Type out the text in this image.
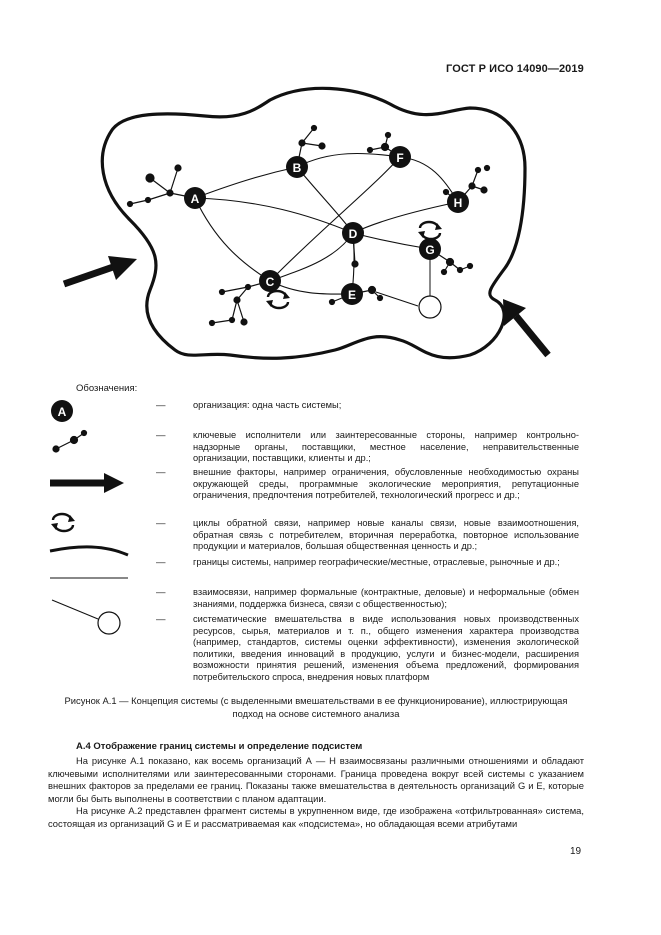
ГОСТ Р ИСО 14090—2019
A
B
F
H
D
G
C
E
Обозначения:
A	—	организация: одна часть системы;
—	ключевые исполнители или заинтересованные стороны, например контрольно-надзорные органы, поставщики, местное население, неправительственные организации, поставщики, клиенты и др.;
—	внешние факторы, например ограничения, обусловленные необходимостью охраны окружающей среды, программные экологические мероприятия, репутационные ограничения, предпочтения потребителей, технологический прогресс и др.;
—	циклы обратной связи, например новые каналы связи, новые взаимоотношения, обратная связь с потребителем, вторичная переработка, повторное использование продукции и материалов, большая общественная ценность и др.;
—	границы системы, например географические/местные, отраслевые, рыночные и др.;
—	взаимосвязи, например формальные (контрактные, деловые) и неформальные (обмен знаниями, поддержка бизнеса, связи с общественностью);
—	систематические вмешательства в виде использования новых производственных ресурсов, сырья, материалов и т. п., общего изменения характера производства (например, стандартов, системы оценки эффективности), изменения экологической политики, введения инноваций в продукцию, услуги и бизнес-модели, расширения возможности принятия решений, изменения объема предложений, формирования потребительского спроса, внедрения новых платформ
Рисунок А.1 — Концепция системы (с выделенными вмешательствами в ее функционирование), иллюстрирующая
подход на основе системного анализа
А.4 Отображение границ системы и определение подсистем
На рисунке А.1 показано, как восемь организаций А — Н взаимосвязаны различными отношениями и обладают ключевыми исполнителями или заинтересованными сторонами. Граница проведена вокруг всей системы с указанием внешних факторов за пределами ее границ. Показаны также вмешательства в деятельность организаций G и Е, которые могли бы быть выполнены в соответствии с планом адаптации.
На рисунке А.2 представлен фрагмент системы в укрупненном виде, где изображена «отфильтрованная» система, состоящая из организаций G и Е и рассматриваемая как «подсистема», но обладающая всеми атрибутами
19
